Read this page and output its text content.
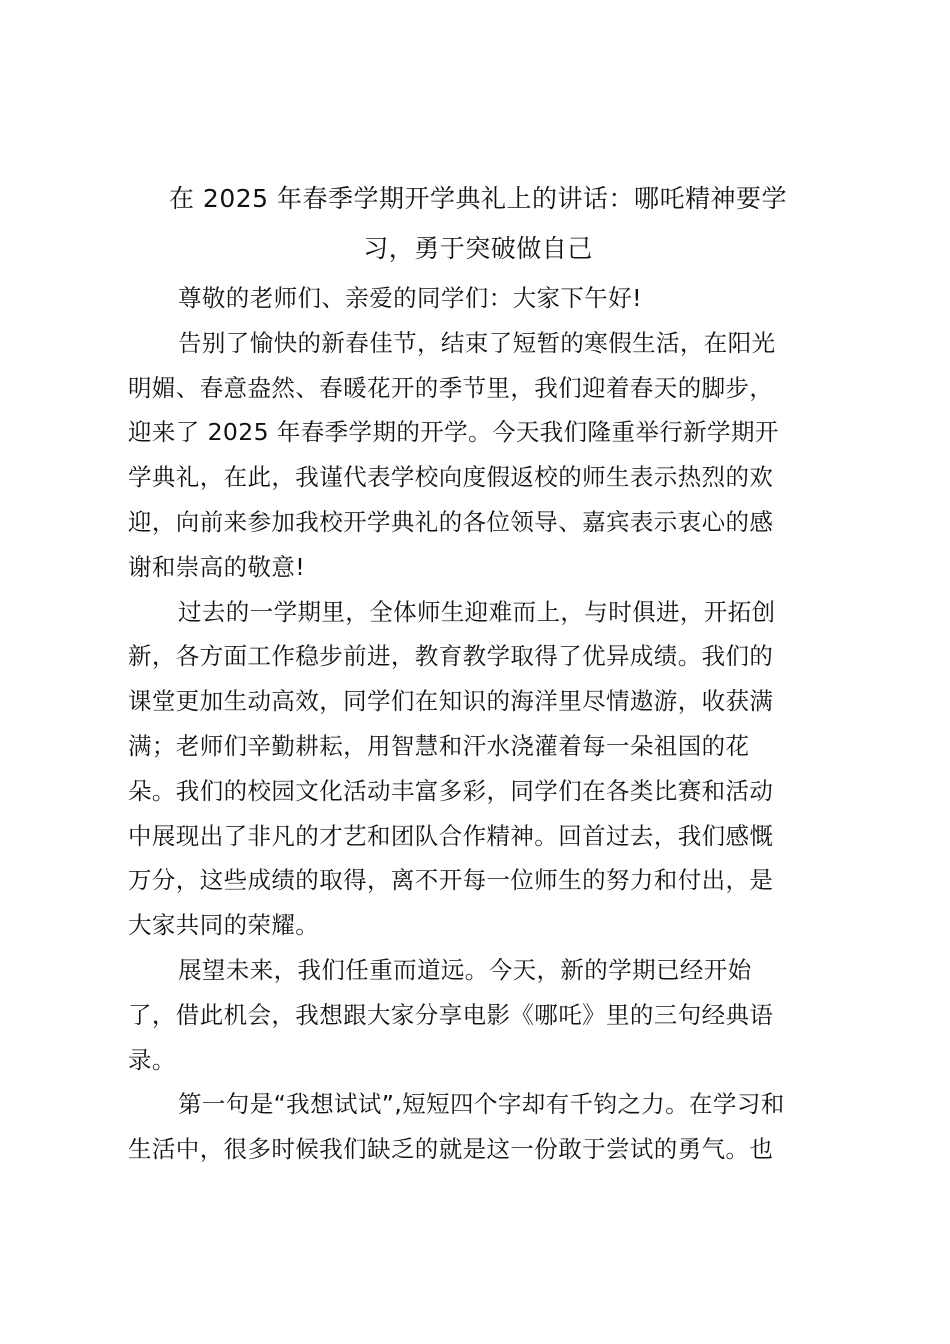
在 2025 年春季学期开学典礼上的讲话：哪吒精神要学
习，勇于突破做自己

尊敬的老师们、亲爱的同学们：大家下午好!

告别了愉快的新春佳节，结束了短暂的寒假生活，在阳光
明媚、春意盎然、春暖花开的季节里，我们迎着春天的脚步，
迎来了 2025 年春季学期的开学。今天我们隆重举行新学期开
学典礼，在此，我谨代表学校向度假返校的师生表示热烈的欢
迎，向前来参加我校开学典礼的各位领导、嘉宾表示衷心的感
谢和崇高的敬意!

过去的一学期里，全体师生迎难而上，与时俱进，开拓创
新，各方面工作稳步前进，教育教学取得了优异成绩。我们的
课堂更加生动高效，同学们在知识的海洋里尽情遨游，收获满
满；老师们辛勤耕耘，用智慧和汗水浇灌着每一朵祖国的花
朵。我们的校园文化活动丰富多彩，同学们在各类比赛和活动
中展现出了非凡的才艺和团队合作精神。回首过去，我们感慨
万分，这些成绩的取得，离不开每一位师生的努力和付出，是
大家共同的荣耀。

展望未来，我们任重而道远。今天，新的学期已经开始
了，借此机会，我想跟大家分享电影《哪吒》里的三句经典语
录。

第一句是“我想试试”,短短四个字却有千钧之力。在学习和
生活中，很多时候我们缺乏的就是这一份敢于尝试的勇气。也
